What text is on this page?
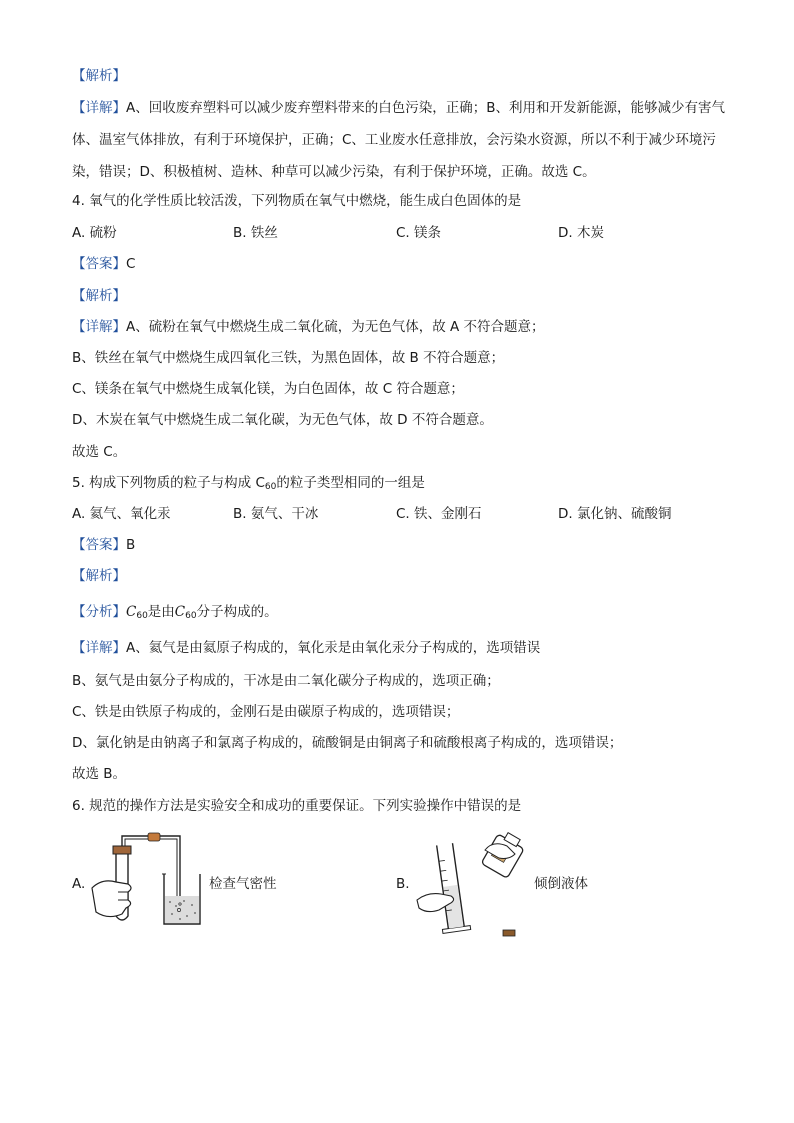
【解析】
【详解】A、回收废弃塑料可以减少废弃塑料带来的白色污染，正确；B、利用和开发新能源，能够减少有害气体、温室气体排放，有利于环境保护，正确；C、工业废水任意排放，会污染水资源，所以不利于减少环境污染，错误；D、积极植树、造林、种草可以减少污染，有利于保护环境，正确。故选 C。
4. 氧气的化学性质比较活泼，下列物质在氧气中燃烧，能生成白色固体的是
A. 硫粉	B. 铁丝	C. 镁条	D. 木炭
【答案】C
【解析】
【详解】A、硫粉在氧气中燃烧生成二氧化硫，为无色气体，故 A 不符合题意；
B、铁丝在氧气中燃烧生成四氧化三铁，为黑色固体，故 B 不符合题意；
C、镁条在氧气中燃烧生成氧化镁，为白色固体，故 C 符合题意；
D、木炭在氧气中燃烧生成二氧化碳，为无色气体，故 D 不符合题意。
故选 C。
5. 构成下列物质的粒子与构成 $C_{60}$的粒子类型相同的一组是
A. 氦气、氧化汞	B. 氨气、干冰	C. 铁、金刚石	D. 氯化钠、硫酸铜
【答案】B
【解析】
【分析】$C_{60}$是由$C_{60}$分子构成的。
【详解】A、氦气是由氦原子构成的，氧化汞是由氧化汞分子构成的，选项错误
B、氨气是由氨分子构成的，干冰是由二氧化碳分子构成的，选项正确；
C、铁是由铁原子构成的，金刚石是由碳原子构成的，选项错误；
D、氯化钠是由钠离子和氯离子构成的，硫酸铜是由铜离子和硫酸根离子构成的，选项错误；
故选 B。
6. 规范的操作方法是实验安全和成功的重要保证。下列实验操作中错误的是
A.	检查气密性	B.	倾倒液体
